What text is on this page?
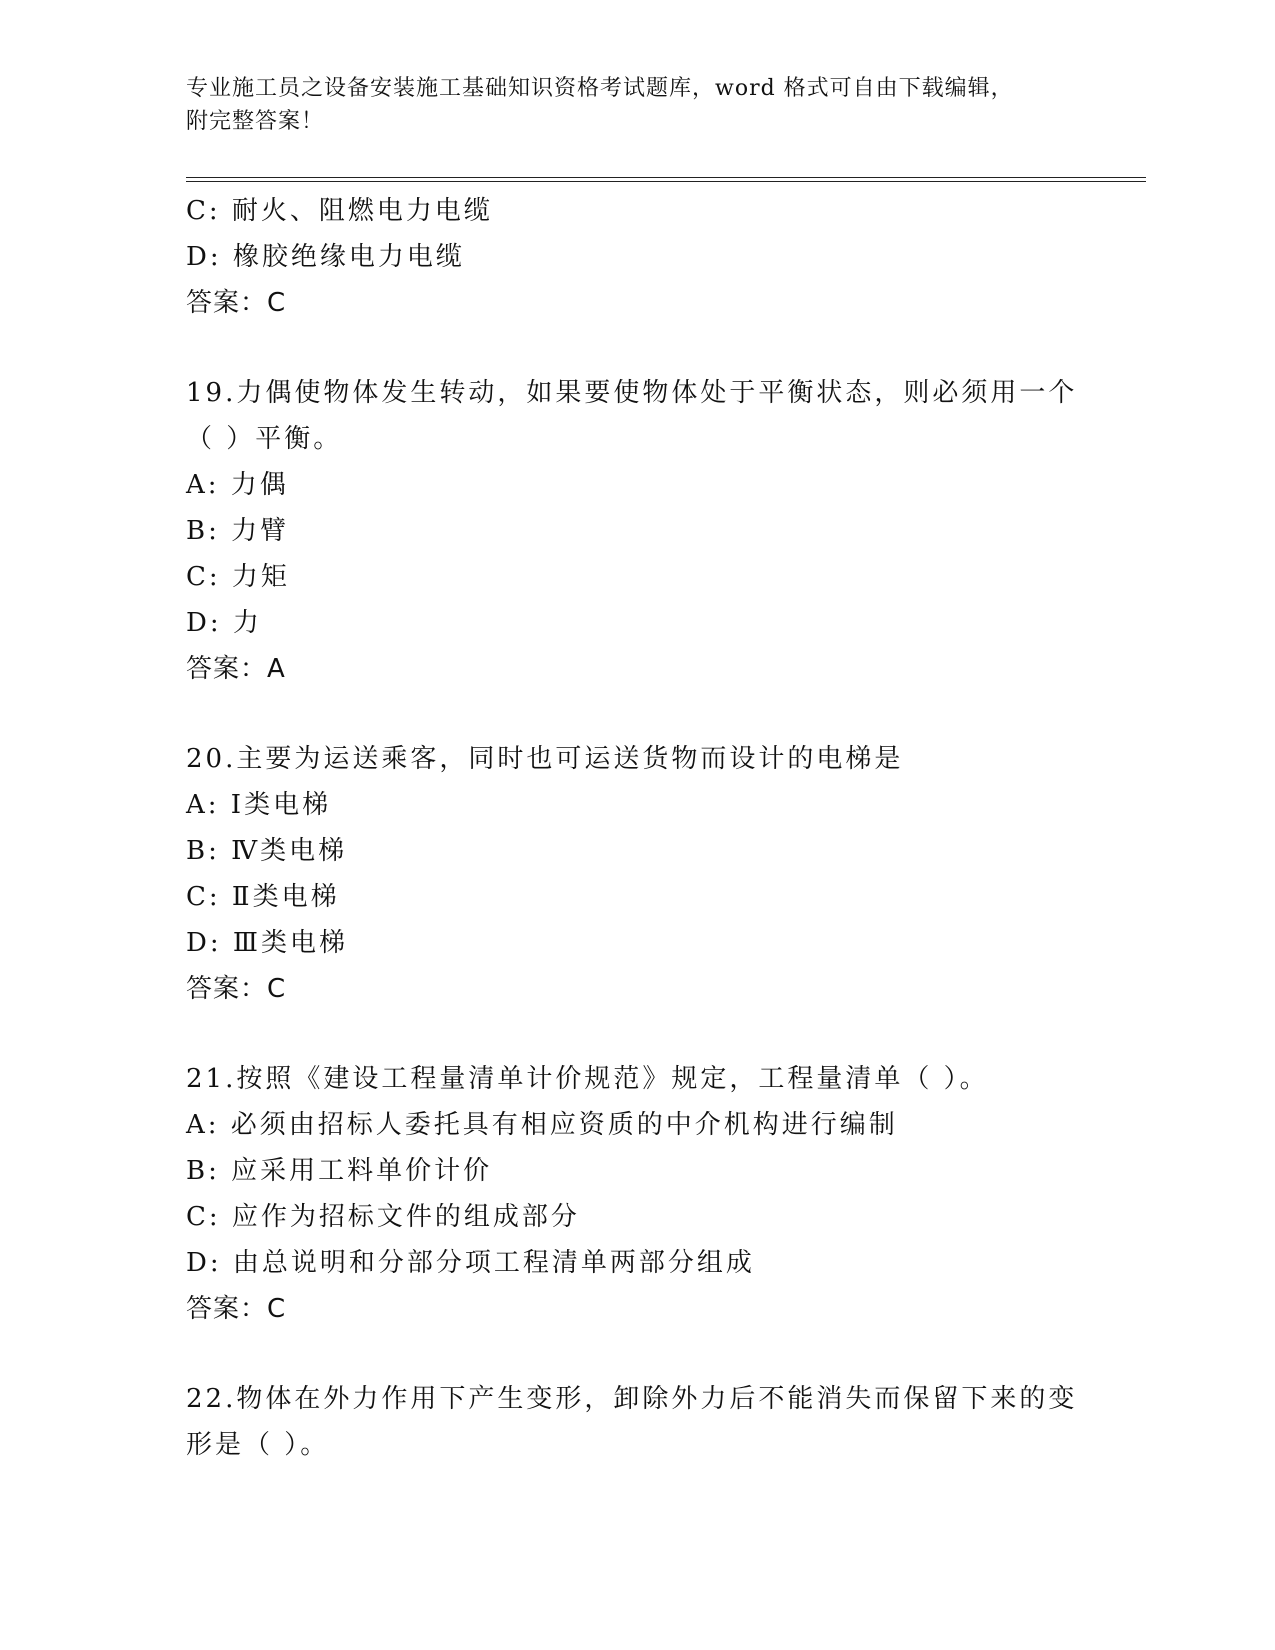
专业施工员之设备安装施工基础知识资格考试题库，word 格式可自由下载编辑，
附完整答案！
C: 耐火、阻燃电力电缆
D: 橡胶绝缘电力电缆
答案：C
19.力偶使物体发生转动，如果要使物体处于平衡状态，则必须用一个
（ ）平衡。
A: 力偶
B: 力臂
C: 力矩
D: 力
答案：A
20.主要为运送乘客，同时也可运送货物而设计的电梯是
A: Ⅰ类电梯
B: Ⅳ类电梯
C: Ⅱ类电梯
D: Ⅲ类电梯
答案：C
21.按照《建设工程量清单计价规范》规定，工程量清单（ ）。
A: 必须由招标人委托具有相应资质的中介机构进行编制
B: 应采用工料单价计价
C: 应作为招标文件的组成部分
D: 由总说明和分部分项工程清单两部分组成
答案：C
22.物体在外力作用下产生变形，卸除外力后不能消失而保留下来的变
形是（ ）。
